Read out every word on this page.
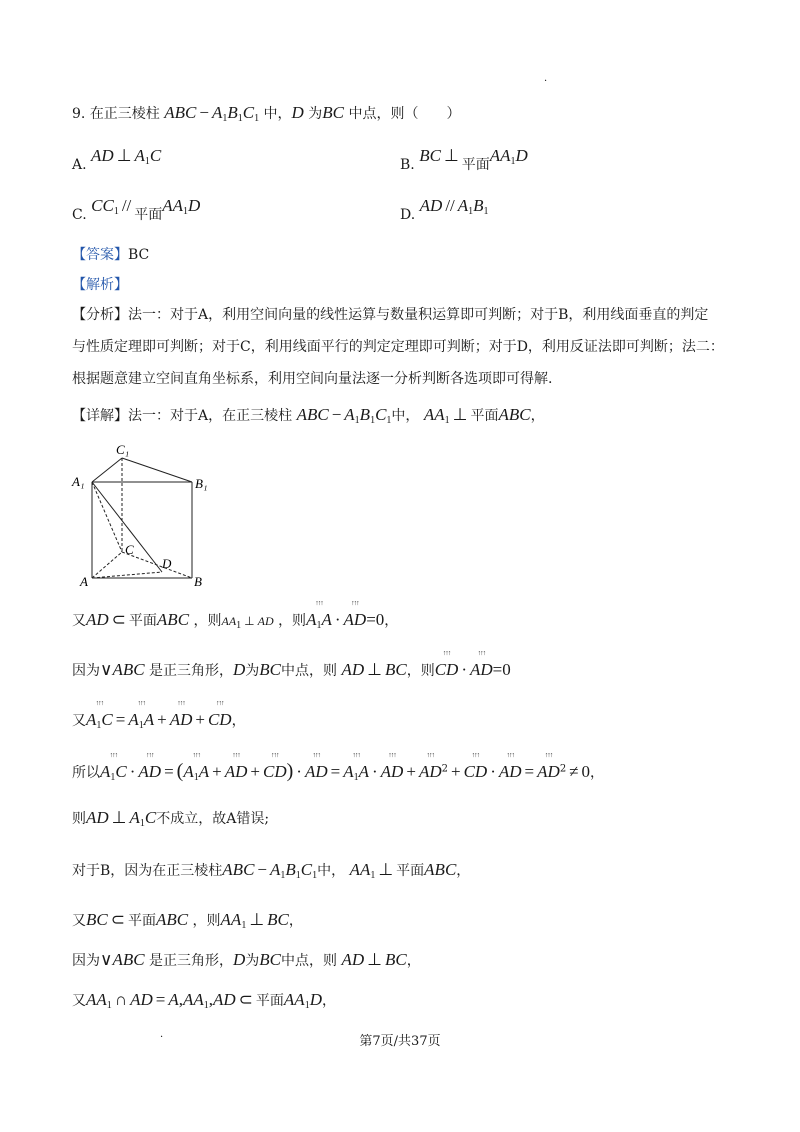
·
9. 在正三棱柱 ABC − $A_1B_1C_1$ 中，D 为BC 中点，则（　　）
A. AD ⊥ $A_1C$	B. BC ⊥ 平面$AA_1D$
C. $CC_1$ // 平面$AA_1D$	D. AD // $A_1B_1$
【答案】BC
【解析】
【分析】法一：对于A，利用空间向量的线性运算与数量积运算即可判断；对于B，利用线面垂直的判定
与性质定理即可判断；对于C，利用线面平行的判定定理即可判断；对于D，利用反证法即可判断；法二：
根据题意建立空间直角坐标系，利用空间向量法逐一分析判断各选项即可得解.
【详解】法一：对于A，在正三棱柱 ABC − $A_1B_1C_1$中， $AA_1$ ⊥ 平面ABC，
C₁
A₁	B₁
C
D
A	B
又AD ⊂ 平面ABC ，则$AA_1$ ⊥ AD ，则↑↑↑ $A_1A$ · ↑↑↑ AD=0，
因为∨ABC 是正三角形，D为BC中点，则 AD ⊥ BC，则↑↑↑ CD · ↑↑↑ AD=0
又↑↑↑ $A_1C$ = ↑↑↑ $A_1A$ + ↑↑↑ AD + ↑↑↑ CD，
所以↑↑↑ $A_1C$ · ↑↑↑ AD = (↑↑↑ $A_1A$ + ↑↑↑ AD + ↑↑↑ CD) · ↑↑↑ AD = ↑↑↑ $A_1A$ · ↑↑↑ AD + ↑↑↑ $AD^2$ + ↑↑↑ CD · ↑↑↑ AD = ↑↑↑ $AD^2 \ne 0$，
则AD ⊥ $A_1C$不成立，故A错误;
对于B，因为在正三棱柱ABC − $A_1B_1C_1$中， $AA_1$ ⊥ 平面ABC，
又BC ⊂ 平面ABC ，则$AA_1$ ⊥ BC，
因为∨ABC 是正三角形，D为BC中点，则 AD ⊥ BC，
又$AA_1$ ∩ AD = $A,AA_1,AD$ ⊂ 平面$AA_1D$，
第7页/共37页
·
